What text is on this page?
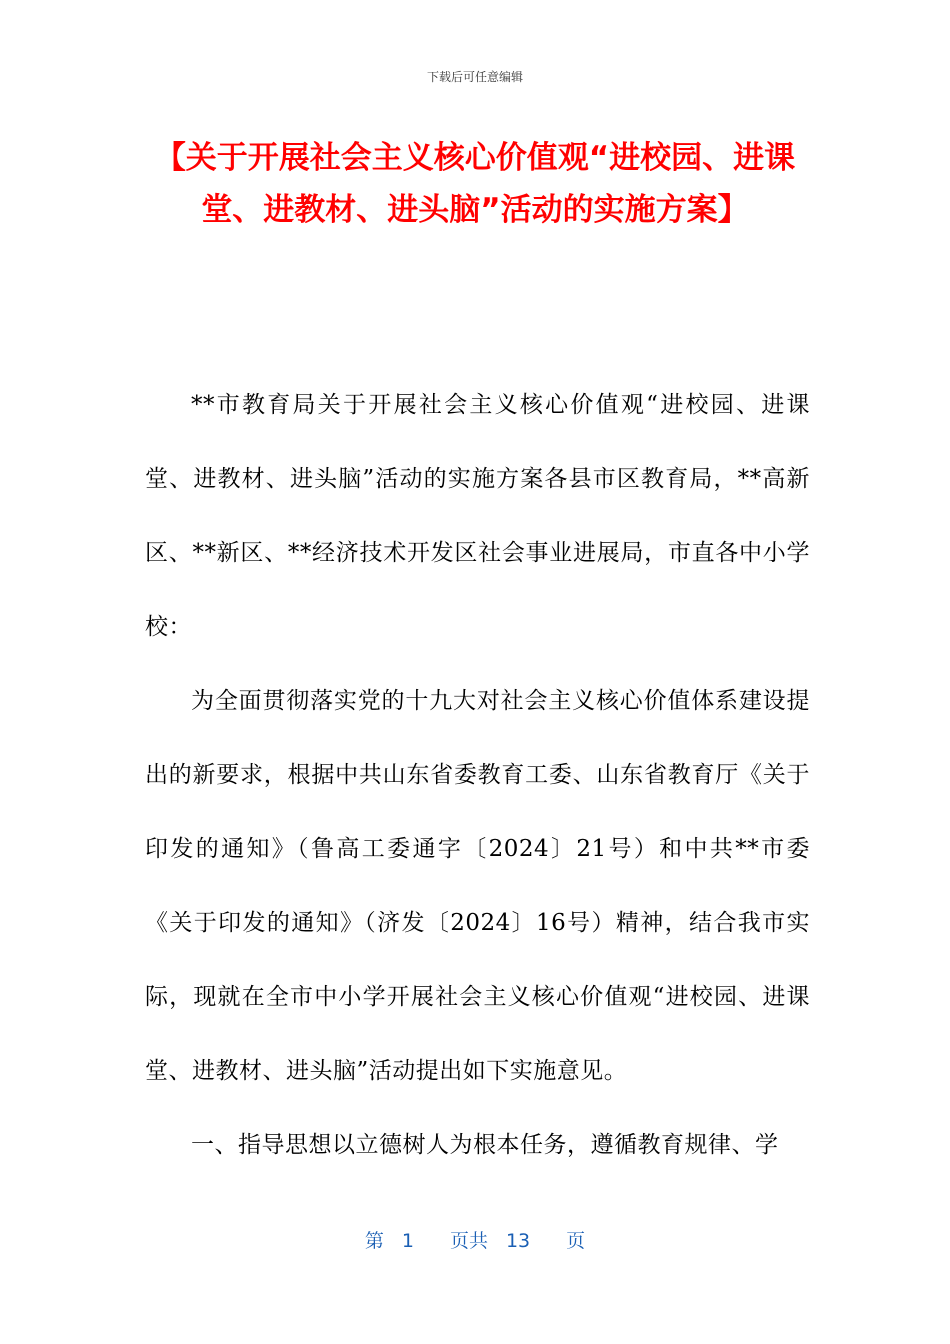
下载后可任意编辑
【关于开展社会主义核心价值观“进校园、进课堂、进教材、进头脑”活动的实施方案】

**市教育局关于开展社会主义核心价值观“进校园、进课堂、进教材、进头脑”活动的实施方案各县市区教育局，**高新区、**新区、**经济技术开发区社会事业进展局，市直各中小学校：

为全面贯彻落实党的十九大对社会主义核心价值体系建设提出的新要求，根据中共山东省委教育工委、山东省教育厅《关于印发的通知》（鲁高工委通字〔2024〕21号）和中共**市委《关于印发的通知》（济发〔2024〕16号）精神，结合我市实际，现就在全市中小学开展社会主义核心价值观“进校园、进课堂、进教材、进头脑”活动提出如下实施意见。

一、指导思想以立德树人为根本任务，遵循教育规律、学

第 1 页共 13 页
